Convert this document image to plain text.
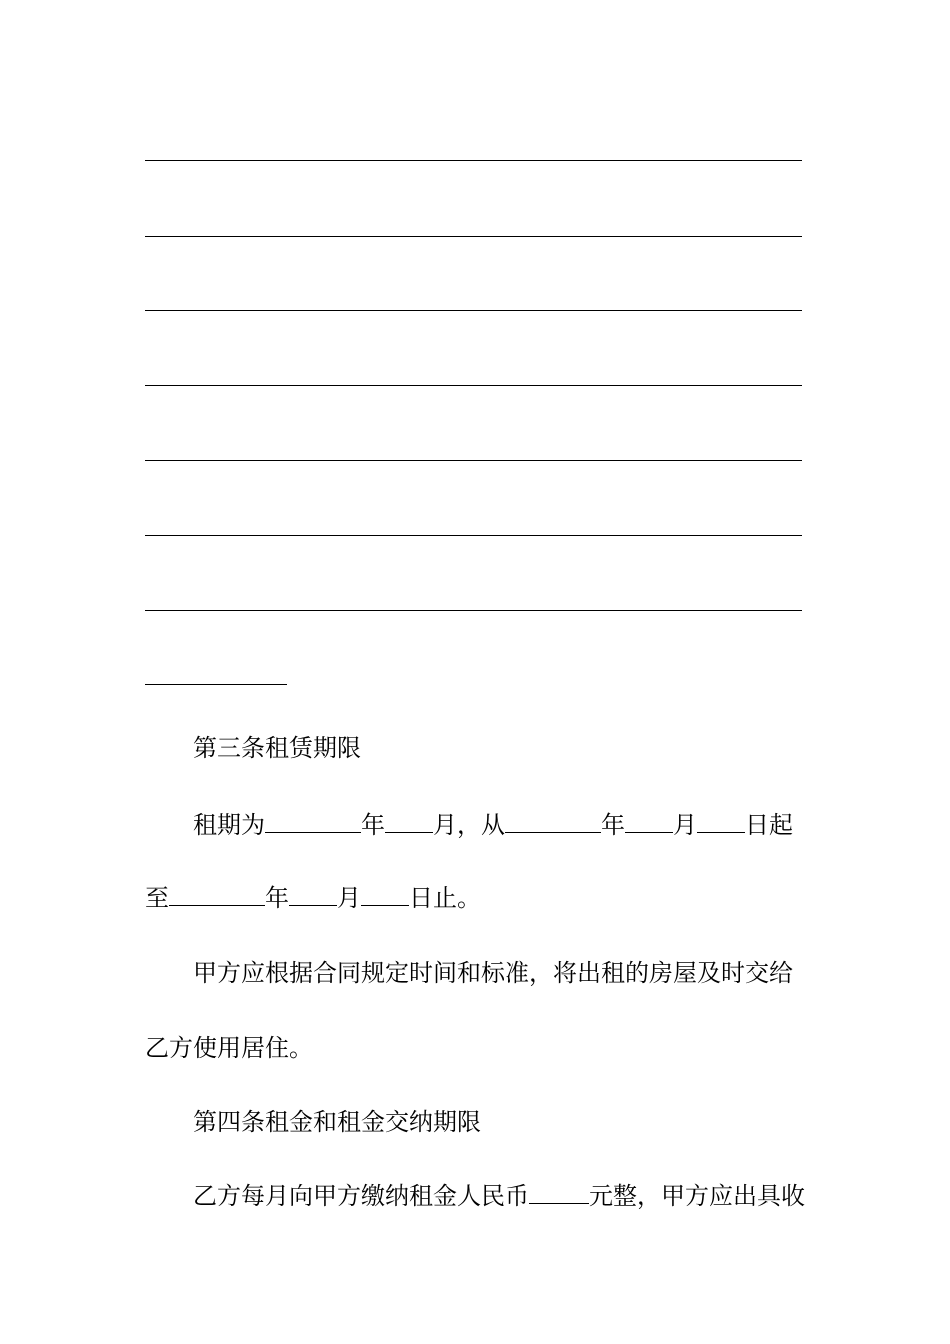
第三条租赁期限
租期为	年 月，从	年 月 日起
至	年 月 日止。
甲方应根据合同规定时间和标准，将出租的房屋及时交给
乙方使用居住。
第四条租金和租金交纳期限
乙方每月向甲方缴纳租金人民币	元整，甲方应出具收
